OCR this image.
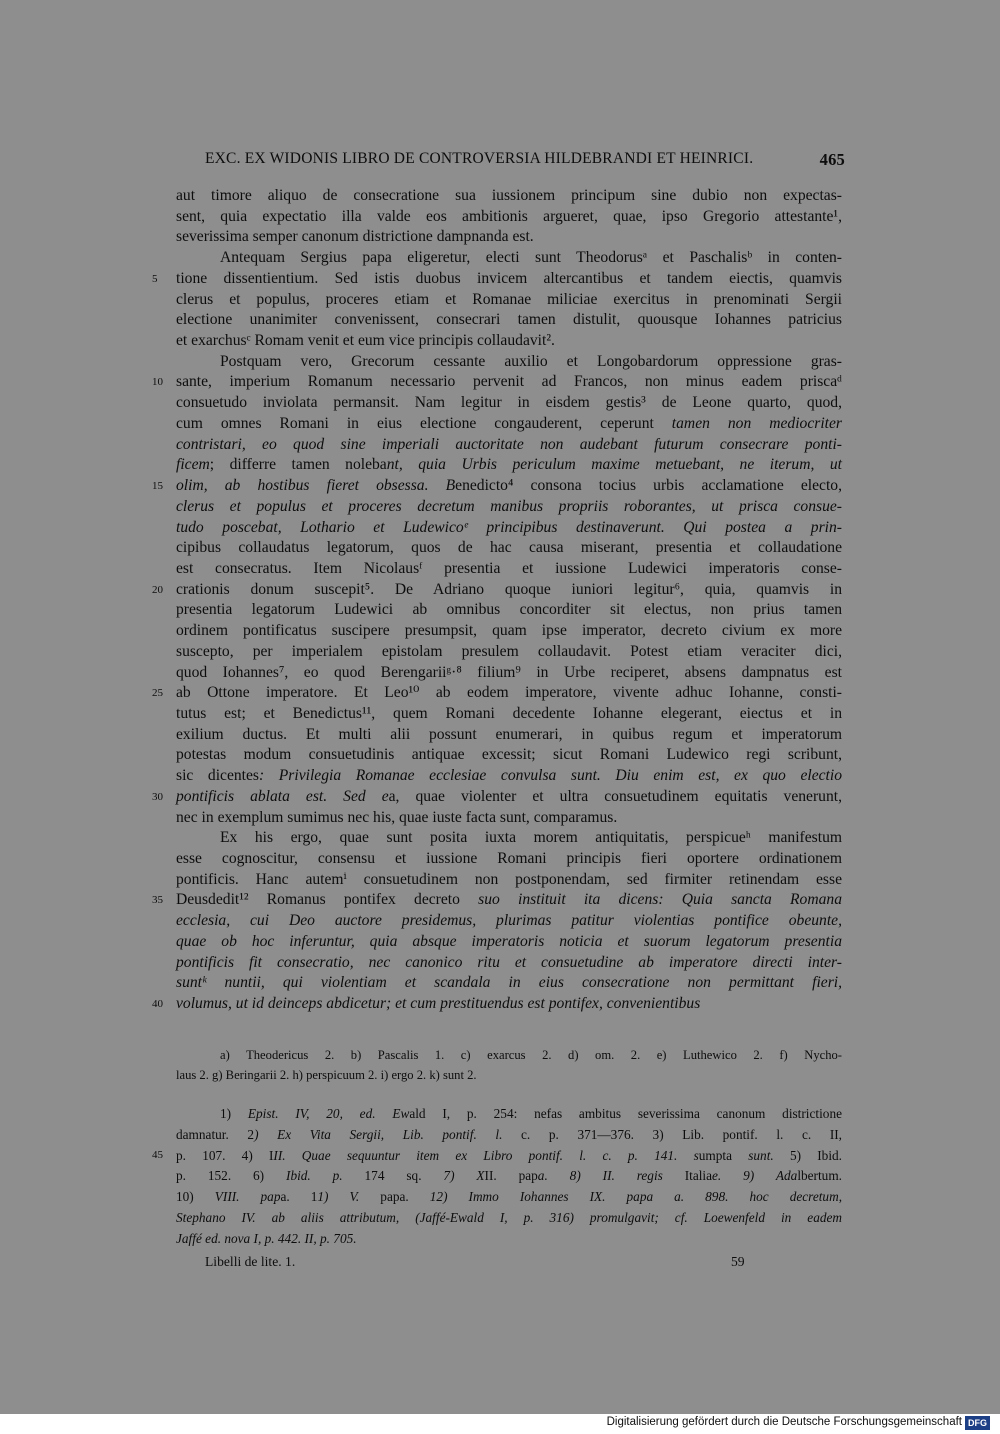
EXC. EX WIDONIS LIBRO DE CONTROVERSIA HILDEBRANDI ET HEINRICI.	465
aut timore aliquo de consecratione sua iussionem principum sine dubio non expectas-
sent, quia expectatio illa valde eos ambitionis argueret, quae, ipso Gregorio attestante¹,
severissima semper canonum districtione dampnanda est.
Antequam Sergius papa eligeretur, electi sunt Theodorusᵃ et Paschalisᵇ in conten-
tione dissentientium. Sed istis duobus invicem altercantibus et tandem eiectis, quamvis
5
clerus et populus, proceres etiam et Romanae miliciae exercitus in prenominati Sergii
electione unanimiter convenissent, consecrari tamen distulit, quousque Iohannes patricius
et exarchusᶜ Romam venit et eum vice principis collaudavit².
Postquam vero, Grecorum cessante auxilio et Longobardorum oppressione gras-
sante, imperium Romanum necessario pervenit ad Francos, non minus eadem priscaᵈ
10
consuetudo inviolata permansit. Nam legitur in eisdem gestis³ de Leone quarto, quod,
cum omnes Romani in eius electione congauderent, ceperunt tamen non mediocriter
contristari, eo quod sine imperiali auctoritate non audebant futurum consecrare ponti-
ficem; differre tamen nolebant, quia Urbis periculum maxime metuebant, ne iterum, ut
olim, ab hostibus fieret obsessa. Benedicto⁴ consona tocius urbis acclamatione electo,
15
clerus et populus et proceres decretum manibus propriis roborantes, ut prisca consue-
tudo poscebat, Lothario et Ludewicoᵉ principibus destinaverunt. Qui postea a prin-
cipibus collaudatus legatorum, quos de hac causa miserant, presentia et collaudatione
est consecratus. Item Nicolausᶠ presentia et iussione Ludewici imperatoris conse-
crationis donum suscepit⁵. De Adriano quoque iuniori legitur⁶, quia, quamvis in
20
presentia legatorum Ludewici ab omnibus concorditer sit electus, non prius tamen
ordinem pontificatus suscipere presumpsit, quam ipse imperator, decreto civium ex more
suscepto, per imperialem epistolam presulem collaudavit. Potest etiam veraciter dici,
quod Iohannes⁷, eo quod Berengariiᵍ·⁸ filium⁹ in Urbe reciperet, absens dampnatus est
ab Ottone imperatore. Et Leo¹⁰ ab eodem imperatore, vivente adhuc Iohanne, consti-
25
tutus est; et Benedictus¹¹, quem Romani decedente Iohanne elegerant, eiectus et in
exilium ductus. Et multi alii possunt enumerari, in quibus regum et imperatorum
potestas modum consuetudinis antiquae excessit; sicut Romani Ludewico regi scribunt,
sic dicentes: Privilegia Romanae ecclesiae convulsa sunt. Diu enim est, ex quo electio
pontificis ablata est. Sed ea, quae violenter et ultra consuetudinem equitatis venerunt,
30
nec in exemplum sumimus nec his, quae iuste facta sunt, comparamus.
Ex his ergo, quae sunt posita iuxta morem antiquitatis, perspicueʰ manifestum
esse cognoscitur, consensu et iussione Romani principis fieri oportere ordinationem
pontificis. Hanc autemⁱ consuetudinem non postponendam, sed firmiter retinendam esse
Deusdedit¹² Romanus pontifex decreto suo instituit ita dicens: Quia sancta Romana
35
ecclesia, cui Deo auctore presidemus, plurimas patitur violentias pontifice obeunte,
quae ob hoc inferuntur, quia absque imperatoris noticia et suorum legatorum presentia
pontificis fit consecratio, nec canonico ritu et consuetudine ab imperatore directi inter-
suntᵏ nuntii, qui violentiam et scandala in eius consecratione non permittant fieri,
volumus, ut id deinceps abdicetur; et cum prestituendus est pontifex, convenientibus
40
a) Theodericus 2. b) Pascalis 1. c) exarcus 2. d) om. 2. e) Luthewico 2. f) Nycho-
laus 2. g) Beringarii 2. h) perspicuum 2. i) ergo 2. k) sunt 2.
1) Epist. IV, 20, ed. Ewald I, p. 254: nefas ambitus severissima canonum districtione
damnatur. 2) Ex Vita Sergii, Lib. pontif. l. c. p. 371—376. 3) Lib. pontif. l. c. II,
p. 107. 4) III. Quae sequuntur item ex Libro pontif. l. c. p. 141. sumpta sunt. 5) Ibid.
45
p. 152. 6) Ibid. p. 174 sq. 7) XII. papa. 8) II. regis Italiae. 9) Adalbertum.
10) VIII. papa. 11) V. papa. 12) Immo Iohannes IX. papa a. 898. hoc decretum,
Stephano IV. ab aliis attributum, (Jaffé-Ewald I, p. 316) promulgavit; cf. Loewenfeld in eadem
Jaffé ed. nova I, p. 442. II, p. 705.
Libelli de lite. 1.	59
Digitalisierung gefördert durch die Deutsche Forschungsgemeinschaft DFG
